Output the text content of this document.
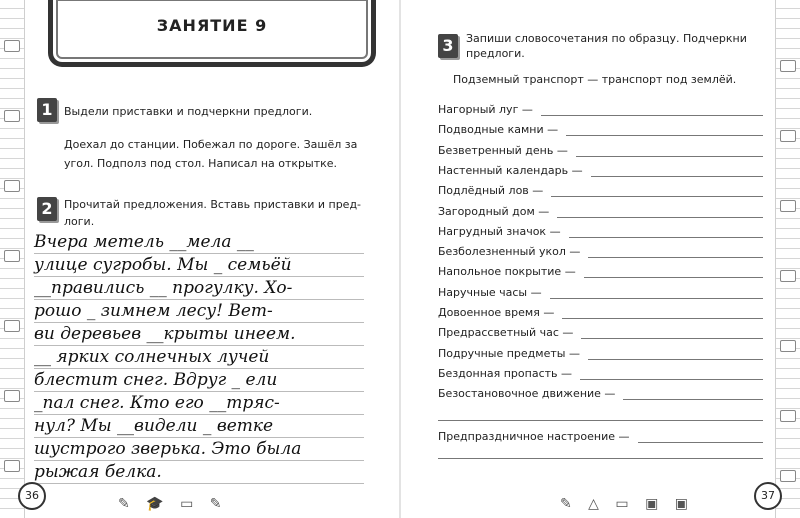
ЗАНЯТИЕ 9
1	Выдели приставки и подчеркни предлоги.
Доехал до станции. Побежал по дороге. Зашёл за
угол. Подполз под стол. Написал на открытке.
2	Прочитай предложения. Вставь приставки и пред-
логи.
Вчера метель __мела __
улице сугробы. Мы _ семьёй
__правились __ прогулку. Хо-
рошо _ зимнем лесу! Вет-
ви деревьев __крыты инеем.
__ ярких солнечных лучей
блестит снег. Вдруг _ ели
_пал снег. Кто его __тряс-
нул? Мы __видели _ ветке
шустрого зверька. Это была
рыжая белка.
36
✎ 🎓 ▭ ✎
3	Запиши словосочетания по образцу. Подчеркни
предлоги.
Подземный транспорт — транспорт под землёй.
Нагорный луг —
Подводные камни —
Безветренный день —
Настенный календарь —
Подлёдный лов —
Загородный дом —
Нагрудный значок —
Безболезненный укол —
Напольное покрытие —
Наручные часы —
Довоенное время —
Предрассветный час —
Подручные предметы —
Бездонная пропасть —
Безостановочное движение —
Предпраздничное настроение —
37
✎ △ ▭ ▣ ▣
